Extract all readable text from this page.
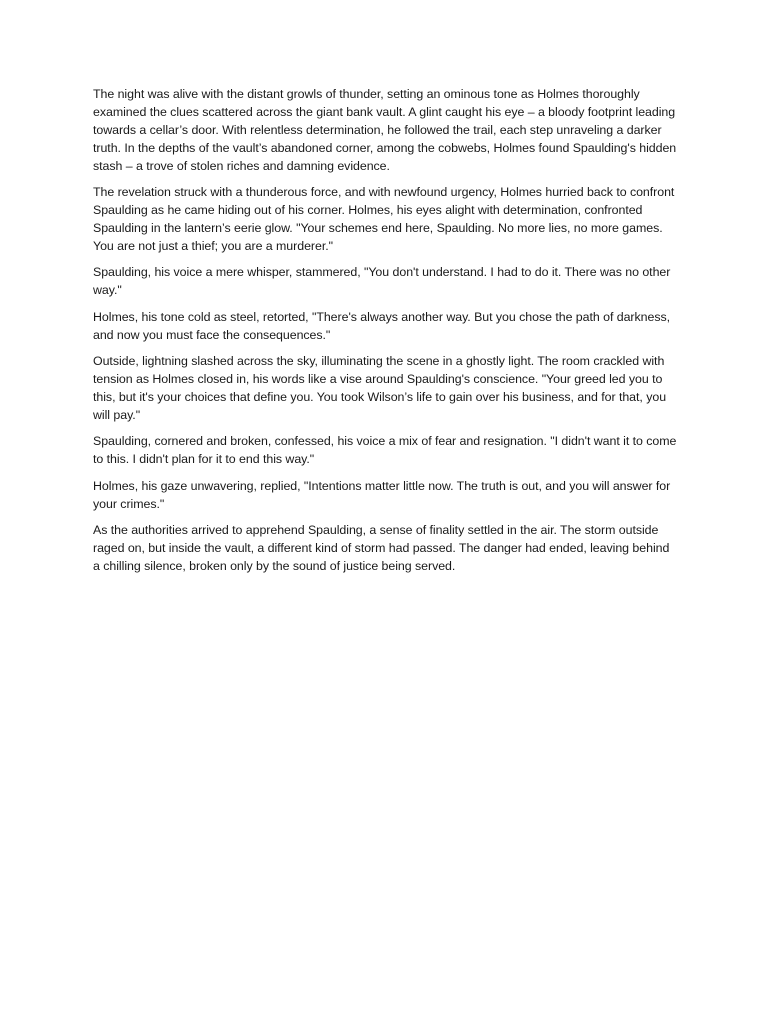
The night was alive with the distant growls of thunder, setting an ominous tone as Holmes thoroughly examined the clues scattered across the giant bank vault. A glint caught his eye – a bloody footprint leading towards a cellar’s door. With relentless determination, he followed the trail, each step unraveling a darker truth. In the depths of the vault’s abandoned corner, among the cobwebs, Holmes found Spaulding's hidden stash – a trove of stolen riches and damning evidence.

The revelation struck with a thunderous force, and with newfound urgency, Holmes hurried back to confront Spaulding as he came hiding out of his corner. Holmes, his eyes alight with determination, confronted Spaulding in the lantern’s eerie glow. "Your schemes end here, Spaulding. No more lies, no more games. You are not just a thief; you are a murderer."

Spaulding, his voice a mere whisper, stammered, "You don't understand. I had to do it. There was no other way."

Holmes, his tone cold as steel, retorted, "There's always another way. But you chose the path of darkness, and now you must face the consequences."

Outside, lightning slashed across the sky, illuminating the scene in a ghostly light. The room crackled with tension as Holmes closed in, his words like a vise around Spaulding's conscience. "Your greed led you to this, but it's your choices that define you. You took Wilson’s life to gain over his business, and for that, you will pay."

Spaulding, cornered and broken, confessed, his voice a mix of fear and resignation. "I didn't want it to come to this. I didn't plan for it to end this way."

Holmes, his gaze unwavering, replied, "Intentions matter little now. The truth is out, and you will answer for your crimes."

As the authorities arrived to apprehend Spaulding, a sense of finality settled in the air. The storm outside raged on, but inside the vault, a different kind of storm had passed. The danger had ended, leaving behind a chilling silence, broken only by the sound of justice being served.
